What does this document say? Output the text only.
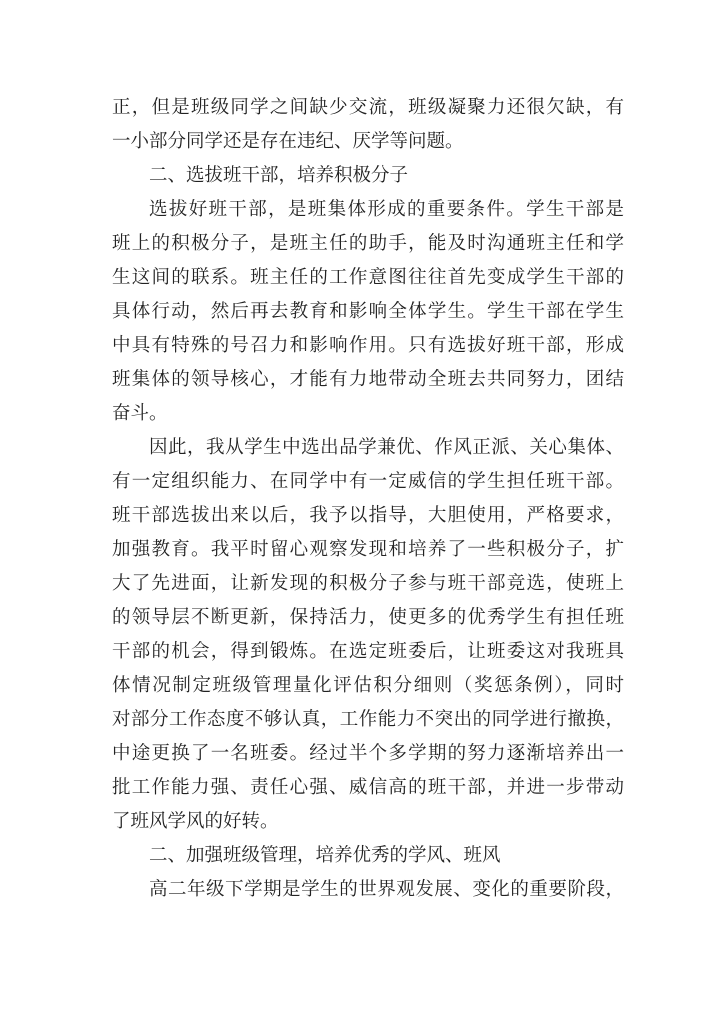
正，但是班级同学之间缺少交流，班级凝聚力还很欠缺，有
一小部分同学还是存在违纪、厌学等问题。
二、选拔班干部，培养积极分子
选拔好班干部，是班集体形成的重要条件。学生干部是
班上的积极分子，是班主任的助手，能及时沟通班主任和学
生这间的联系。班主任的工作意图往往首先变成学生干部的
具体行动，然后再去教育和影响全体学生。学生干部在学生
中具有特殊的号召力和影响作用。只有选拔好班干部，形成
班集体的领导核心，才能有力地带动全班去共同努力，团结
奋斗。
因此，我从学生中选出品学兼优、作风正派、关心集体、
有一定组织能力、在同学中有一定威信的学生担任班干部。
班干部选拔出来以后，我予以指导，大胆使用，严格要求，
加强教育。我平时留心观察发现和培养了一些积极分子，扩
大了先进面，让新发现的积极分子参与班干部竞选，使班上
的领导层不断更新，保持活力，使更多的优秀学生有担任班
干部的机会，得到锻炼。在选定班委后，让班委这对我班具
体情况制定班级管理量化评估积分细则（奖惩条例），同时
对部分工作态度不够认真，工作能力不突出的同学进行撤换，
中途更换了一名班委。经过半个多学期的努力逐渐培养出一
批工作能力强、责任心强、威信高的班干部，并进一步带动
了班风学风的好转。
二、加强班级管理，培养优秀的学风、班风
高二年级下学期是学生的世界观发展、变化的重要阶段，
